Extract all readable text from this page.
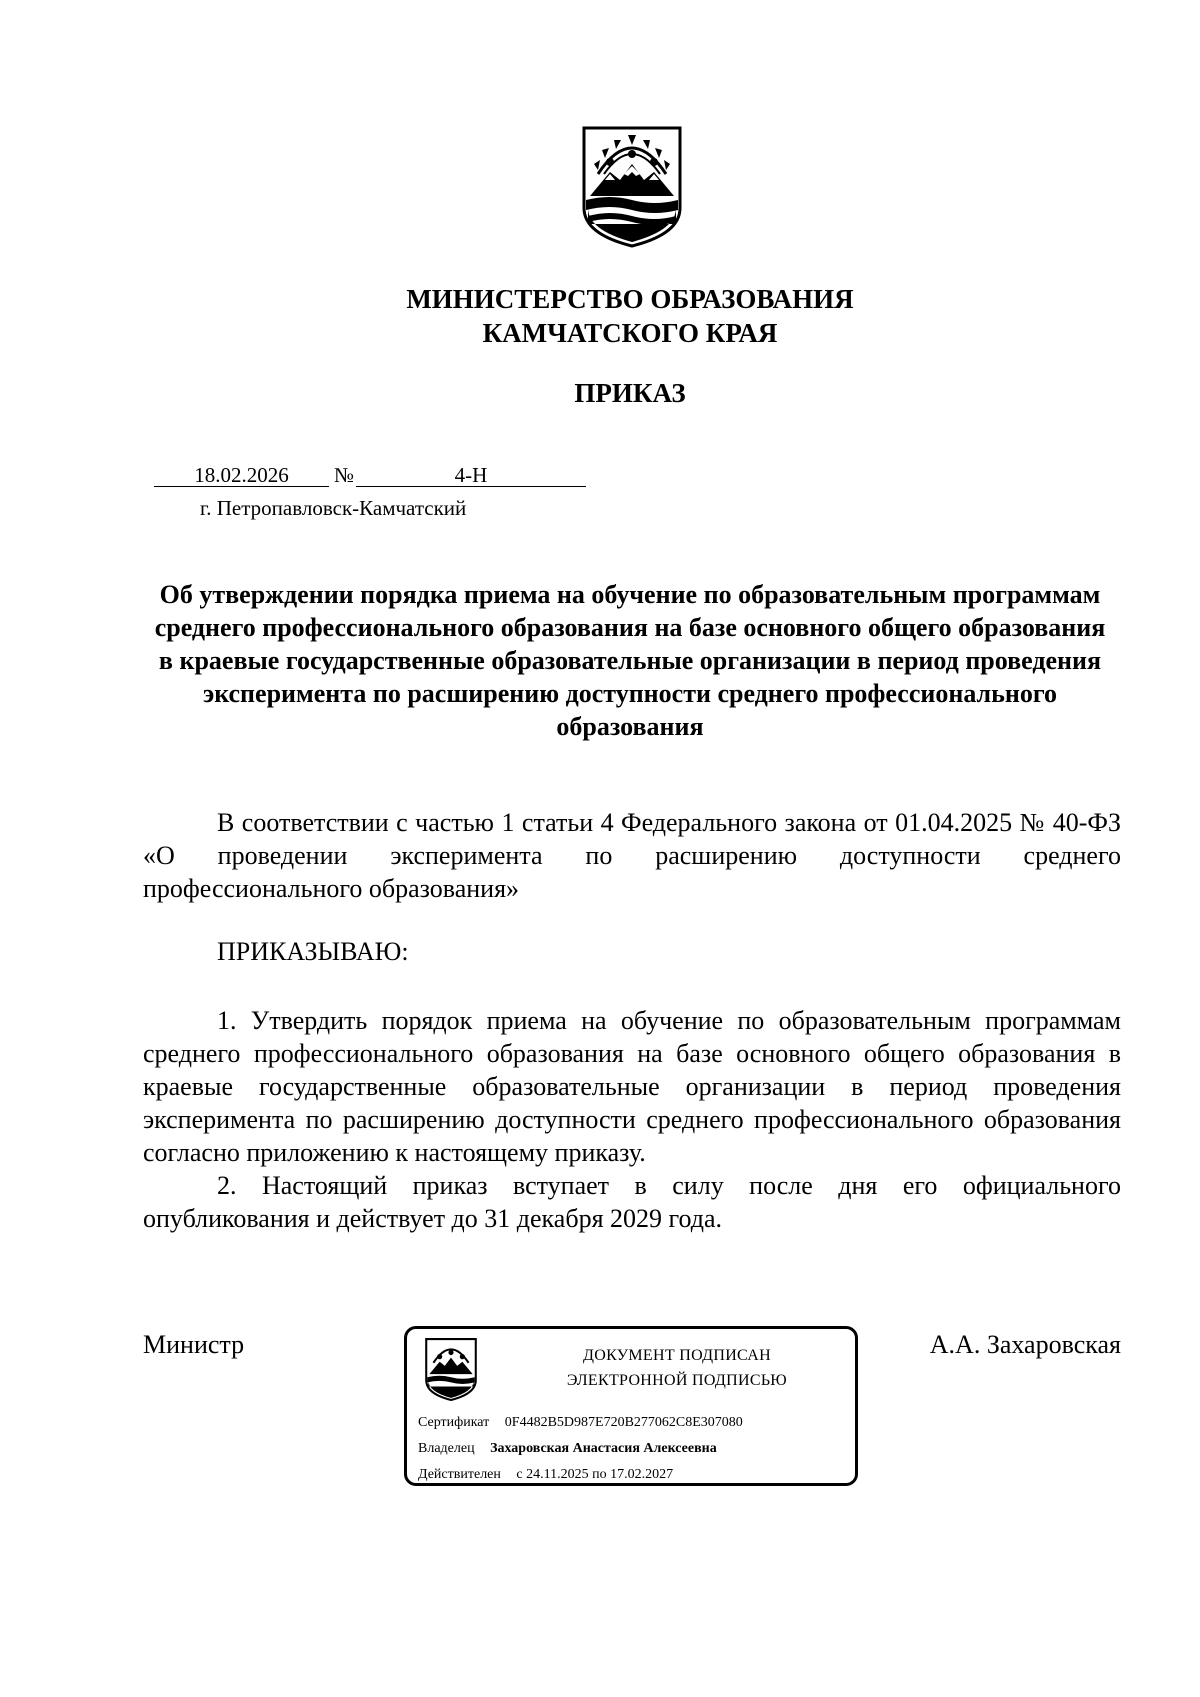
МИНИСТЕРСТВО ОБРАЗОВАНИЯ
КАМЧАТСКОГО КРАЯ
ПРИКАЗ
18.02.2026	№	4-Н
г. Петропавловск-Камчатский
Об утверждении порядка приема на обучение по образовательным программам среднего профессионального образования на базе основного общего образования в краевые государственные образовательные организации в период проведения эксперимента по расширению доступности среднего профессионального образования

В соответствии с частью 1 статьи 4 Федерального закона от 01.04.2025 № 40-ФЗ «О проведении эксперимента по расширению доступности среднего профессионального образования»

ПРИКАЗЫВАЮ:

1. Утвердить порядок приема на обучение по образовательным программам среднего профессионального образования на базе основного общего образования в краевые государственные образовательные организации в период проведения эксперимента по расширению доступности среднего профессионального образования согласно приложению к настоящему приказу.

2. Настоящий приказ вступает в силу после дня его официального опубликования и действует до 31 декабря 2029 года.

Министр	А.А. Захаровская
ДОКУМЕНТ ПОДПИСАН
ЭЛЕКТРОННОЙ ПОДПИСЬЮ
Сертификат 0F4482B5D987E720B277062C8E307080
Владелец Захаровская Анастасия Алексеевна
Действителен с 24.11.2025 по 17.02.2027
